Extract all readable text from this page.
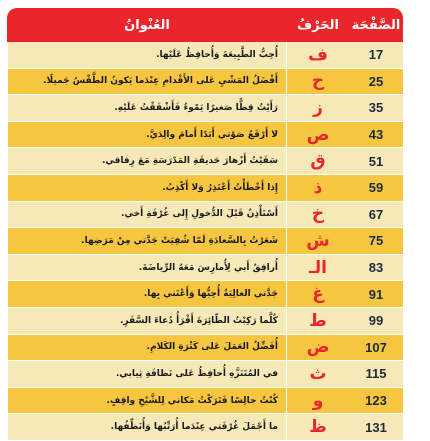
الصَّفْحَة
الحَرْفُ
العُنْوانُ
17
ف
أُحِبُّ الطَّبِيعَةَ وَأُحافِظُ عَلَيْها.
25
ح
أَفْضَلُ المَشْيِ عَلى الأَقْدامِ عِنْدَما يَكونُ الطَّقْسُ جَميلًا.
35
ز
رَأَيْتُ قِطًّا صَغيرًا يَمْوءُ فَأَشْفَقْتُ عَلَيْهِ.
43
ص
لا أَرْفَعُ صَوْتي أَبَدًا أَمامَ والِدَيَّ.
51
ق
سَقَيْتُ أَزْهارَ حَديقَةِ المَدْرَسَةِ مَعَ رِفاقي.
59
ذ
إِذا أَخْطَأْتُ أَعْتَذِرُ وَلا أَكْذِبُ.
67
خ
أَسْتَأْذِنُ قَبْلَ الدُّخولِ إِلى غُرْفَةِ أَخي.
75
ش
شَعَرْتُ بِالسَّعادَةِ لَمّا شُفِيَتْ جَدَّتي مِنْ مَرَضِها.
83
الـ
أُرافِقُ أَبي لِأُمارِسَ مَعَهُ الرِّياضَةَ.
91
غ
جَدَّتي الغالِيَةُ أُحِبُّها وَأَعْتَني بِها.
99
ط
كُلَّما رَكِبْتُ الطّائِرَةَ أَقْرَأُ دُعاءَ السَّفَرِ.
107
ض
أُفَضِّلُ العَمَلَ عَلى كَثْرَةِ الكَلامِ.
115
ث
في المُتَنَزَّهِ أُحافِظُ عَلى نَظافَةِ ثِيابي.
123
و
كُنْتُ جالِسًا فَتَرَكْتُ مَكاني لِلشَّيْخِ واقِفٍ.
131
ظ
ما أَجْمَلَ غُرْفَتي عِنْدَما أُرَتِّبُها وَأُنَظِّفُها.
